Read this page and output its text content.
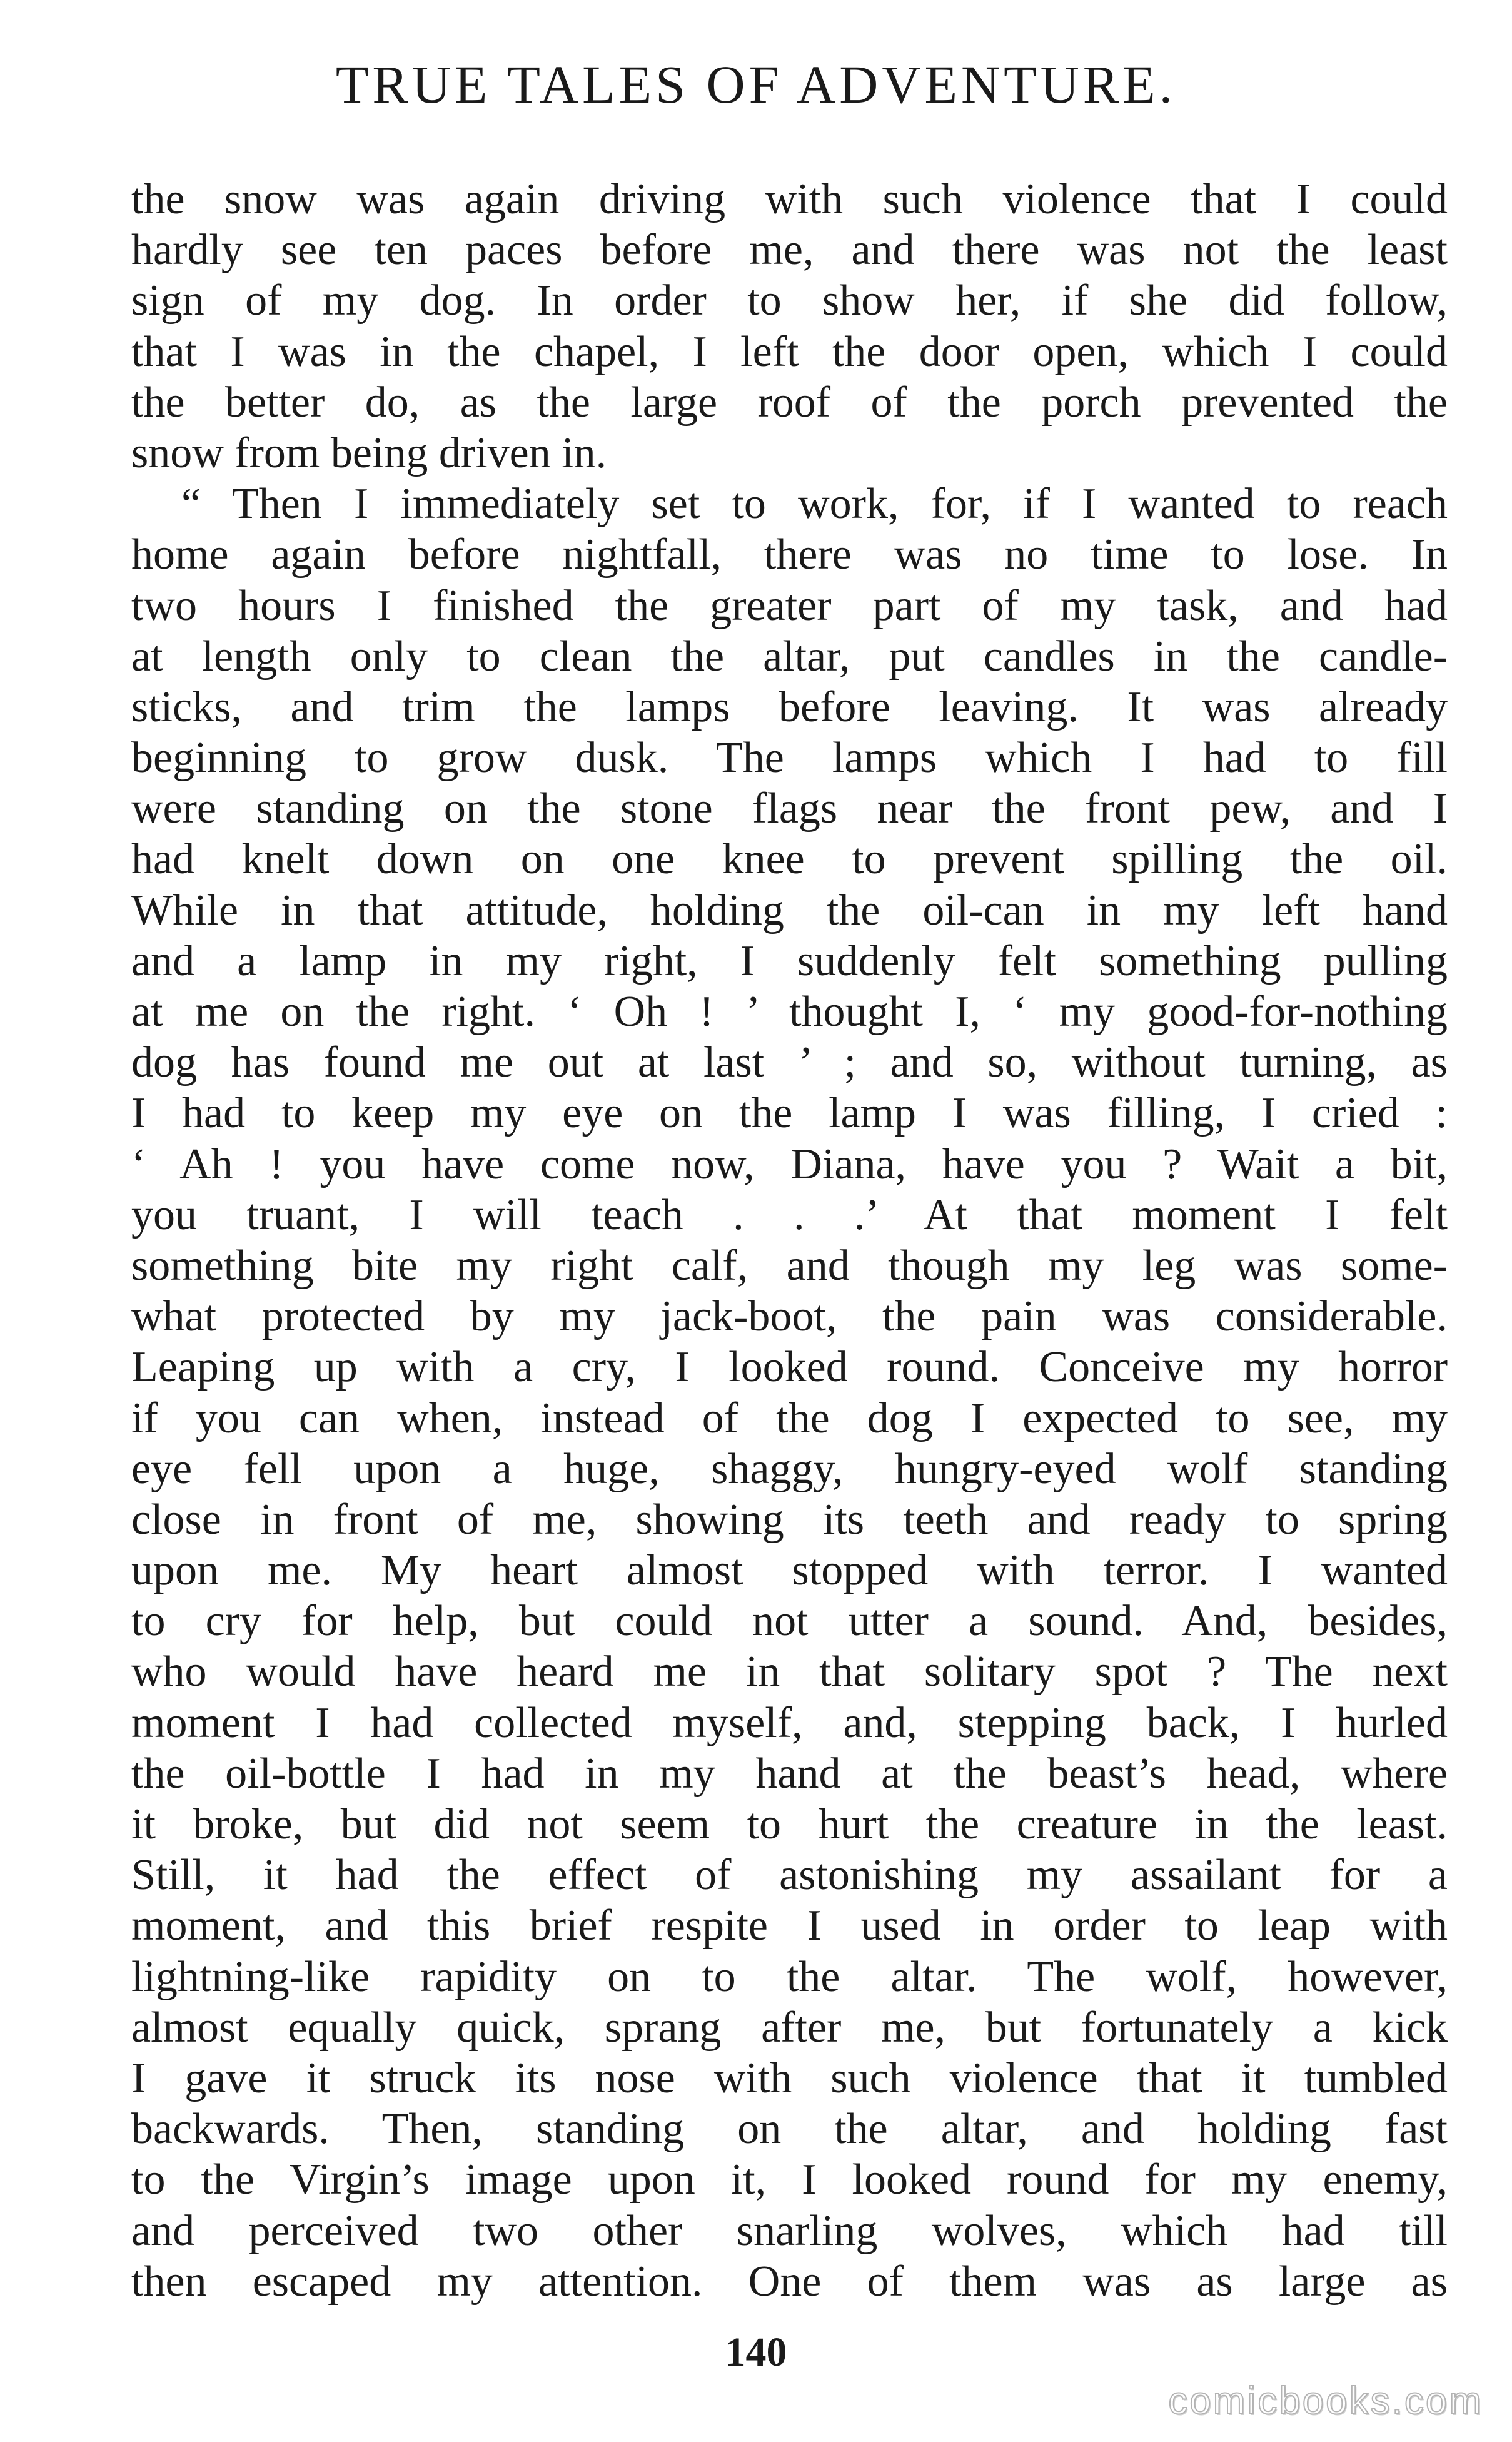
TRUE TALES OF ADVENTURE.

the snow was again driving with such violence that I could
hardly see ten paces before me, and there was not the least
sign of my dog. In order to show her, if she did follow,
that I was in the chapel, I left the door open, which I could
the better do, as the large roof of the porch prevented the
snow from being driven in.

“ Then I immediately set to work, for, if I wanted to reach
home again before nightfall, there was no time to lose. In
two hours I finished the greater part of my task, and had
at length only to clean the altar, put candles in the candle-
sticks, and trim the lamps before leaving. It was already
beginning to grow dusk. The lamps which I had to fill
were standing on the stone flags near the front pew, and I
had knelt down on one knee to prevent spilling the oil.
While in that attitude, holding the oil-can in my left hand
and a lamp in my right, I suddenly felt something pulling
at me on the right. ‘ Oh ! ’ thought I, ‘ my good-for-nothing
dog has found me out at last ’ ; and so, without turning, as
I had to keep my eye on the lamp I was filling, I cried :
‘ Ah ! you have come now, Diana, have you ? Wait a bit,
you truant, I will teach . . .’ At that moment I felt
something bite my right calf, and though my leg was some-
what protected by my jack-boot, the pain was considerable.
Leaping up with a cry, I looked round. Conceive my horror
if you can when, instead of the dog I expected to see, my
eye fell upon a huge, shaggy, hungry-eyed wolf standing
close in front of me, showing its teeth and ready to spring
upon me. My heart almost stopped with terror. I wanted
to cry for help, but could not utter a sound. And, besides,
who would have heard me in that solitary spot ? The next
moment I had collected myself, and, stepping back, I hurled
the oil-bottle I had in my hand at the beast’s head, where
it broke, but did not seem to hurt the creature in the least.
Still, it had the effect of astonishing my assailant for a
moment, and this brief respite I used in order to leap with
lightning-like rapidity on to the altar. The wolf, however,
almost equally quick, sprang after me, but fortunately a kick
I gave it struck its nose with such violence that it tumbled
backwards. Then, standing on the altar, and holding fast
to the Virgin’s image upon it, I looked round for my enemy,
and perceived two other snarling wolves, which had till
then escaped my attention. One of them was as large as

140
comicbooks.com
